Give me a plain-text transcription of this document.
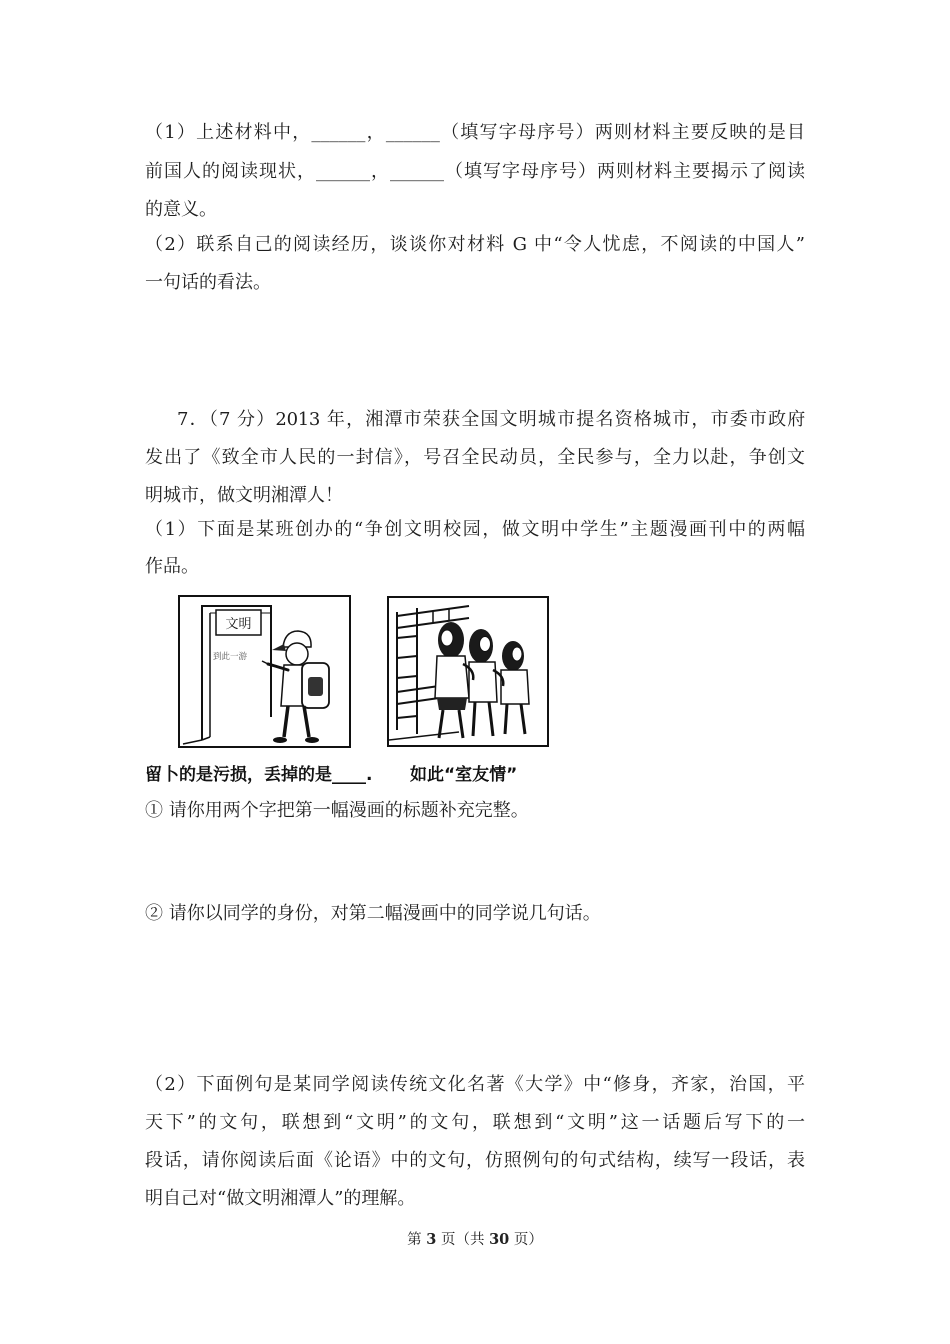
（1）上述材料中，______，______（填写字母序号）两则材料主要反映的是目
前国人的阅读现状，______，______（填写字母序号）两则材料主要揭示了阅读
的意义。
（2）联系自己的阅读经历，谈谈你对材料 G 中“令人忧虑，不阅读的中国人”
一句话的看法。
7．（7 分）2013 年，湘潭市荣获全国文明城市提名资格城市，市委市政府
发出了《致全市人民的一封信》，号召全民动员，全民参与，全力以赴，争创文
明城市，做文明湘潭人！
（1）下面是某班创办的“争创文明校园，做文明中学生”主题漫画刊中的两幅
作品。
文明
到此一游
留卜的是污损，丢掉的是____. 如此“室友情”
① 请你用两个字把第一幅漫画的标题补充完整。
② 请你以同学的身份，对第二幅漫画中的同学说几句话。
（2）下面例句是某同学阅读传统文化名著《大学》中“修身，齐家，治国，平
天下”的文句，联想到“文明”的文句，联想到“文明”这一话题后写下的一
段话，请你阅读后面《论语》中的文句，仿照例句的句式结构，续写一段话，表
明自己对“做文明湘潭人”的理解。
第 3 页（共 30 页）
